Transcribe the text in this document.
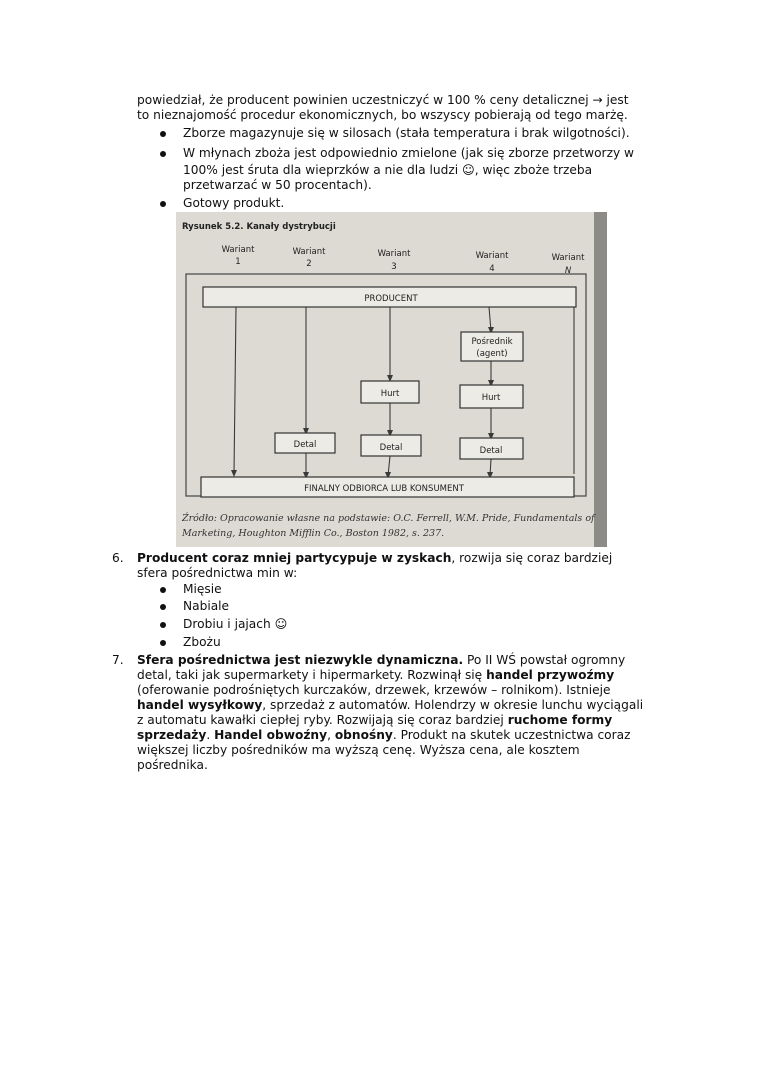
powiedział, że producent powinien uczestniczyć w 100 % ceny detalicznej → jest

to nieznajomość procedur ekonomicznych, bo wszyscy pobierają od tego marżę.

Zborze magazynuje się w silosach (stała temperatura i brak wilgotności).

W młynach zboża jest odpowiednio zmielone (jak się zborze przetworzy w

100% jest śruta dla wieprzków a nie dla ludzi ☺, więc zboże trzeba

przetwarzać w 50 procentach).

Gotowy produkt.

Rysunek 5.2. Kanały dystrybucji
Wariant
1
Wariant
2
Wariant
3
Wariant
4
Wariant
N
PRODUCENT
Pośrednik
(agent)
Hurt	Hurt
Detal	Detal	Detal
FINALNY ODBIORCA LUB KONSUMENT
Źródło: Opracowanie własne na podstawie: O.C. Ferrell, W.M. Pride, Fundamentals of
Marketing, Houghton Mifflin Co., Boston 1982, s. 237.
6. Producent coraz mniej partycypuje w zyskach, rozwija się coraz bardziej

sfera pośrednictwa min w:

Mięsie

Nabiale

Drobiu i jajach ☺

Zbożu

7. Sfera pośrednictwa jest niezwykle dynamiczna. Po II WŚ powstał ogromny

detal, taki jak supermarkety i hipermarkety. Rozwinął się handel przywoźmy

(oferowanie podrośniętych kurczaków, drzewek, krzewów – rolnikom). Istnieje

handel wysyłkowy, sprzedaż z automatów. Holendrzy w okresie lunchu wyciągali

z automatu kawałki ciepłej ryby. Rozwijają się coraz bardziej ruchome formy

sprzedaży. Handel obwoźny, obnośny. Produkt na skutek uczestnictwa coraz

większej liczby pośredników ma wyższą cenę. Wyższa cena, ale kosztem

pośrednika.
